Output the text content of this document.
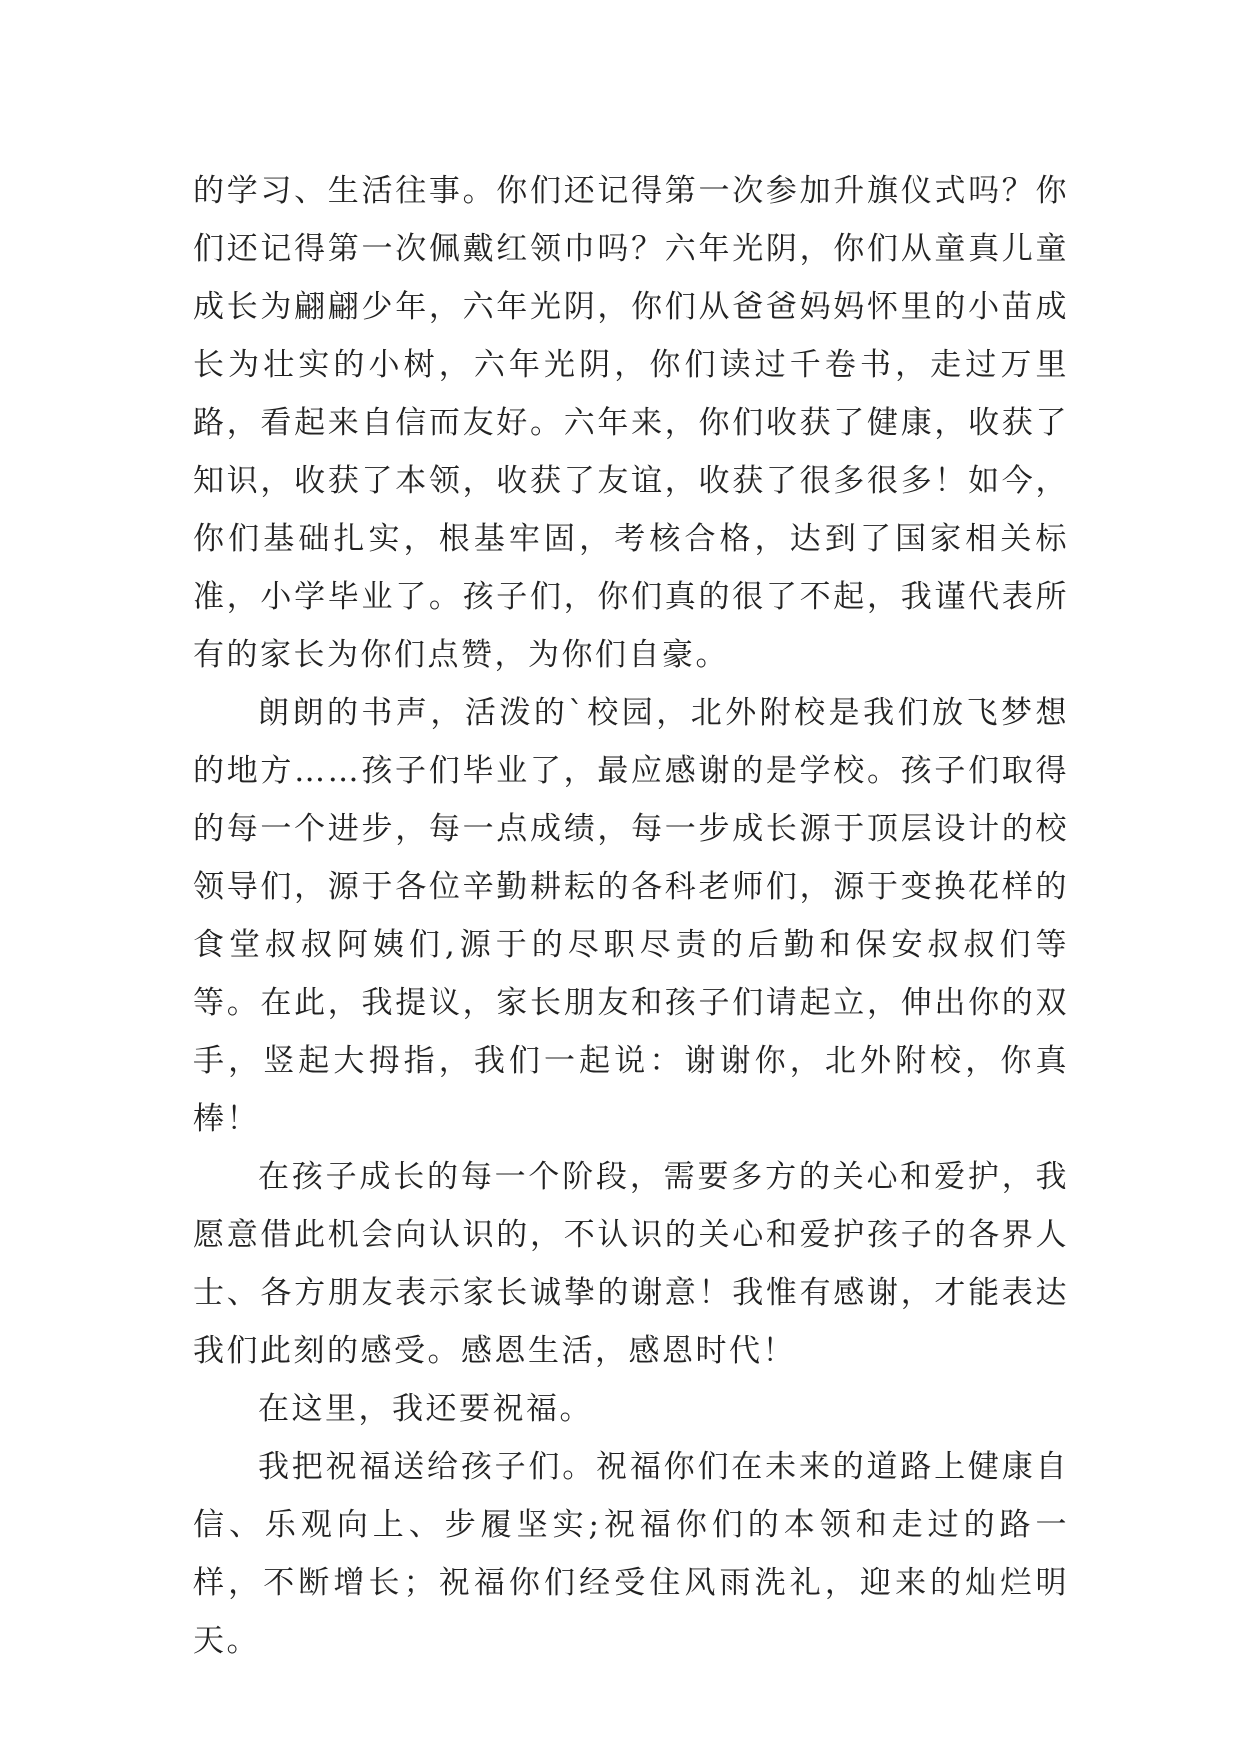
的学习、生活往事。你们还记得第一次参加升旗仪式吗？你们还记得第一次佩戴红领巾吗？六年光阴，你们从童真儿童成长为翩翩少年，六年光阴，你们从爸爸妈妈怀里的小苗成长为壮实的小树，六年光阴，你们读过千卷书，走过万里路，看起来自信而友好。六年来，你们收获了健康，收获了知识，收获了本领，收获了友谊，收获了很多很多！如今，你们基础扎实，根基牢固，考核合格，达到了国家相关标准，小学毕业了。孩子们，你们真的很了不起，我谨代表所有的家长为你们点赞，为你们自豪。

朗朗的书声，活泼的`校园，北外附校是我们放飞梦想的地方……孩子们毕业了，最应感谢的是学校。孩子们取得的每一个进步，每一点成绩，每一步成长源于顶层设计的校领导们，源于各位辛勤耕耘的各科老师们，源于变换花样的食堂叔叔阿姨们,源于的尽职尽责的后勤和保安叔叔们等等。在此，我提议，家长朋友和孩子们请起立，伸出你的双手，竖起大拇指，我们一起说：谢谢你，北外附校，你真棒！

在孩子成长的每一个阶段，需要多方的关心和爱护，我愿意借此机会向认识的，不认识的关心和爱护孩子的各界人士、各方朋友表示家长诚挚的谢意！我惟有感谢，才能表达我们此刻的感受。感恩生活，感恩时代！

在这里，我还要祝福。

我把祝福送给孩子们。祝福你们在未来的道路上健康自信、乐观向上、步履坚实;祝福你们的本领和走过的路一样，不断增长；祝福你们经受住风雨洗礼，迎来的灿烂明天。
